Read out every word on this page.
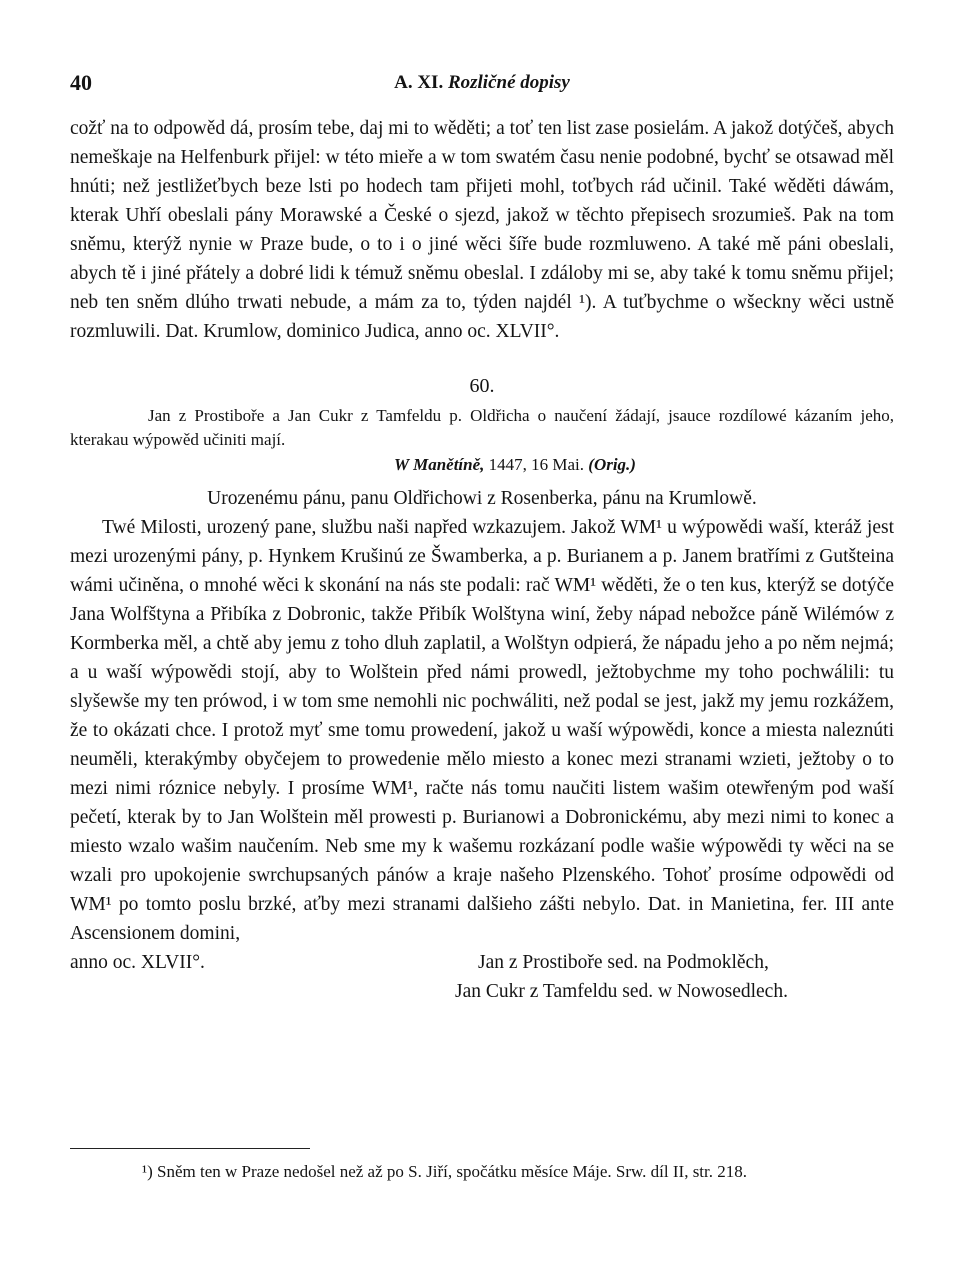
40	A. XI. Rozličné dopisy

cožť na to odpowěd dá, prosím tebe, daj mi to wěděti; a toť ten list zase posielám. A jakož dotýčeš, abych nemeškaje na Helfenburk přijel: w této mieře a w tom swatém času nenie podobné, bychť se otsawad měl hnúti; než jestližeťbych beze lsti po hodech tam přijeti mohl, toťbych rád učinil. Také wěděti dáwám, kterak Uhří obeslali pány Morawské a České o sjezd, jakož w těchto přepisech srozumieš. Pak na tom sněmu, kterýž nynie w Praze bude, o to i o jiné wěci šíře bude rozmluweno. A také mě páni obeslali, abych tě i jiné přátely a dobré lidi k témuž sněmu obeslal. I zdáloby mi se, aby také k tomu sněmu přijel; neb ten sněm dlúho trwati nebude, a mám za to, týden najdél ¹). A tuťbychme o wšeckny wěci ustně rozmluwili. Dat. Krumlow, dominico Judica, anno oc. XLVII°.

60.

Jan z Prostiboře a Jan Cukr z Tamfeldu p. Oldřicha o naučení žádají, jsauce rozdílowé kázaním jeho, kterakau wýpowěd učiniti mají.

W Manětíně, 1447, 16 Mai. (Orig.)
Urozenému pánu, panu Oldřichowi z Rosenberka, pánu na Krumlowě.

Twé Milosti, urozený pane, službu naši napřed wzkazujem. Jakož WM¹ u wýpowědi waší, kteráž jest mezi urozenými pány, p. Hynkem Krušinú ze Šwamberka, a p. Burianem a p. Janem bratřími z Gutšteina wámi učiněna, o mnohé wěci k skonání na nás ste podali: rač WM¹ wěděti, že o ten kus, kterýž se dotýče Jana Wolfštyna a Přibíka z Dobronic, takže Přibík Wolštyna winí, žeby nápad nebožce páně Wilémów z Kormberka měl, a chtě aby jemu z toho dluh zaplatil, a Wolštyn odpierá, že nápadu jeho a po něm nejmá; a u waší wýpowědi stojí, aby to Wolštein před námi prowedl, ježtobychme my toho pochwálili: tu slyšewše my ten prówod, i w tom sme nemohli nic pochwáliti, než podal se jest, jakž my jemu rozkážem, že to okázati chce. I protož myť sme tomu prowedení, jakož u waší wýpowědi, konce a miesta naleznúti neuměli, kterakýmby obyčejem to prowedenie mělo miesto a konec mezi stranami wzieti, ježtoby o to mezi nimi róznice nebyly. I prosíme WM¹, račte nás tomu naučiti listem wašim otewřeným pod waší pečetí, kterak by to Jan Wolštein měl prowesti p. Burianowi a Dobronickému, aby mezi nimi to konec a miesto wzalo wašim naučením. Neb sme my k wašemu rozkázaní podle wašie wýpowědi ty wěci na se wzali pro upokojenie swrchupsaných pánów a kraje našeho Plzenského. Tohoť prosíme odpowědi od WM¹ po tomto poslu brzké, aťby mezi stranami dalšieho zášti nebylo. Dat. in Manietina, fer. III ante Ascensionem domini,

anno oc. XLVII°.	Jan z Prostiboře sed. na Podmoklěch,
Jan Cukr z Tamfeldu sed. w Nowosedlech.
¹) Sněm ten w Praze nedošel než až po S. Jiří, spočátku měsíce Máje. Srw. díl II, str. 218.
